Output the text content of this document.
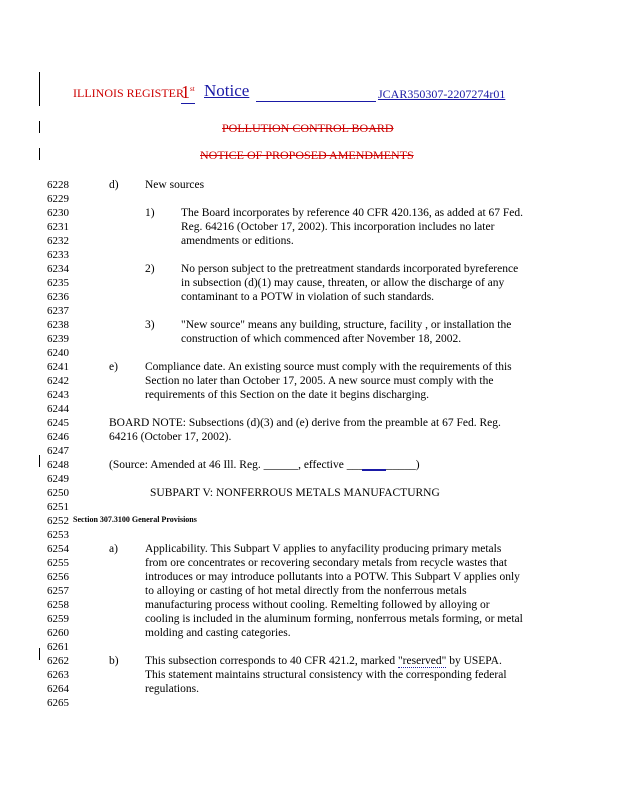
ILLINOIS REGISTER
1st Notice	JCAR350307-2207274r01
POLLUTION CONTROL BOARD
NOTICE OF PROPOSED AMENDMENTS
6228
6229
6230
6231
6232
6233
6234
6235
6236
6237
6238
6239
6240
6241
6242
6243
6244
6245
6246
6247
6248
6249
6250
6251
6252
6253
6254
6255
6256
6257
6258
6259
6260
6261
6262
6263
6264
6265
d) New sources
1) The Board incorporates by reference 40 CFR 420.136, as added at 67 Fed.
Reg. 64216 (October 17, 2002). This incorporation includes no later
amendments or editions.
2) No person subject to the pretreatment standards incorporated byreference
in subsection (d)(1) may cause, threaten, or allow the discharge of any
contaminant to a POTW in violation of such standards.
3) "New source" means any building, structure, facility , or installation the
construction of which commenced after November 18, 2002.
e) Compliance date. An existing source must comply with the requirements of this
Section no later than October 17, 2005. A new source must comply with the
requirements of this Section on the date it begins discharging.
BOARD NOTE: Subsections (d)(3) and (e) derive from the preamble at 67 Fed. Reg.
64216 (October 17, 2002).
(Source: Amended at 46 Ill. Reg. ______, effective ____________)
SUBPART V: NONFERROUS METALS MANUFACTURNG
Section 307.3100 General Provisions
a) Applicability. This Subpart V applies to anyfacility producing primary metals
from ore concentrates or recovering secondary metals from recycle wastes that
introduces or may introduce pollutants into a POTW. This Subpart V applies only
to alloying or casting of hot metal directly from the nonferrous metals
manufacturing process without cooling. Remelting followed by alloying or
cooling is included in the aluminum forming, nonferrous metals forming, or metal
molding and casting categories.
b) This subsection corresponds to 40 CFR 421.2, marked "reserved" by USEPA.
This statement maintains structural consistency with the corresponding federal
regulations.
